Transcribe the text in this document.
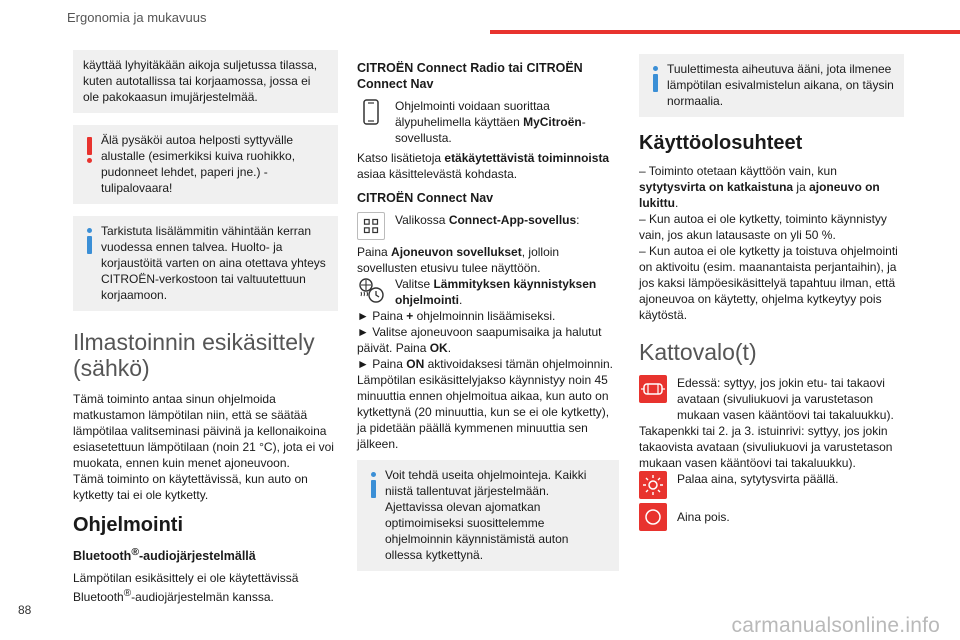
Ergonomia ja mukavuus

käyttää lyhyitäkään aikoja suljetussa tilassa, kuten autotallissa tai korjaamossa, jossa ei ole pakokaasun imujärjestelmää.

Älä pysäköi autoa helposti syttyvälle alustalle (esimerkiksi kuiva ruohikko, pudonneet lehdet, paperi jne.) - tulipalovaara!

Tarkistuta lisälämmitin vähintään kerran vuodessa ennen talvea. Huolto- ja korjaustöitä varten on aina otettava yhteys CITROËN-verkostoon tai valtuutettuun korjaamoon.

Ilmastoinnin esikäsittely (sähkö)

Tämä toiminto antaa sinun ohjelmoida matkustamon lämpötilan niin, että se säätää lämpötilaa valitseminasi päivinä ja kellonaikoina esiasetettuun lämpötilaan (noin 21 °C), jota ei voi muokata, ennen kuin menet ajoneuvoon.

Tämä toiminto on käytettävissä, kun auto on kytketty tai ei ole kytketty.

Ohjelmointi
Bluetooth®-audiojärjestelmällä

Lämpötilan esikäsittely ei ole käytettävissä Bluetooth®-audiojärjestelmän kanssa.

CITROËN Connect Radio tai CITROËN Connect Nav
Ohjelmointi voidaan suorittaa älypuhelimella käyttäen MyCitroën-sovellusta.

Katso lisätietoja etäkäytettävistä toiminnoista asiaa käsittelevästä kohdasta.

CITROËN Connect Nav
Valikossa Connect-App-sovellus:

Paina Ajoneuvon sovellukset, jolloin sovellusten etusivu tulee näyttöön.

Valitse Lämmityksen käynnistyksen ohjelmointi.

► Paina + ohjelmoinnin lisäämiseksi.

► Valitse ajoneuvoon saapumisaika ja halutut päivät. Paina OK.

► Paina ON aktivoidaksesi tämän ohjelmoinnin.

Lämpötilan esikäsittelyjakso käynnistyy noin 45 minuuttia ennen ohjelmoitua aikaa, kun auto on kytkettynä (20 minuuttia, kun se ei ole kytketty), ja pidetään päällä kymmenen minuuttia sen jälkeen.

Voit tehdä useita ohjelmointeja. Kaikki niistä tallentuvat järjestelmään. Ajettavissa olevan ajomatkan optimoimiseksi suosittelemme ohjelmoinnin käynnistämistä auton ollessa kytkettynä.

Tuulettimesta aiheutuva ääni, jota ilmenee lämpötilan esivalmistelun aikana, on täysin normaalia.

Käyttöolosuhteet

– Toiminto otetaan käyttöön vain, kun sytytysvirta on katkaistuna ja ajoneuvo on lukittu.

– Kun autoa ei ole kytketty, toiminto käynnistyy vain, jos akun latausaste on yli 50 %.

– Kun autoa ei ole kytketty ja toistuva ohjelmointi on aktivoitu (esim. maanantaista perjantaihin), ja jos kaksi lämpöesikäsittelyä tapahtuu ilman, että ajoneuvoa on käytetty, ohjelma kytkeytyy pois käytöstä.

Kattovalo(t)
Edessä: syttyy, jos jokin etu- tai takaovi avataan (sivuliukuovi ja varustetason mukaan vasen kääntöovi tai takaluukku).

Takapenkki tai 2. ja 3. istuinrivi: syttyy, jos jokin takaovista avataan (sivuliukuovi ja varustetason mukaan vasen kääntöovi tai takaluukku).

Palaa aina, sytytysvirta päällä.
Aina pois.
88
carmanualsonline.info
